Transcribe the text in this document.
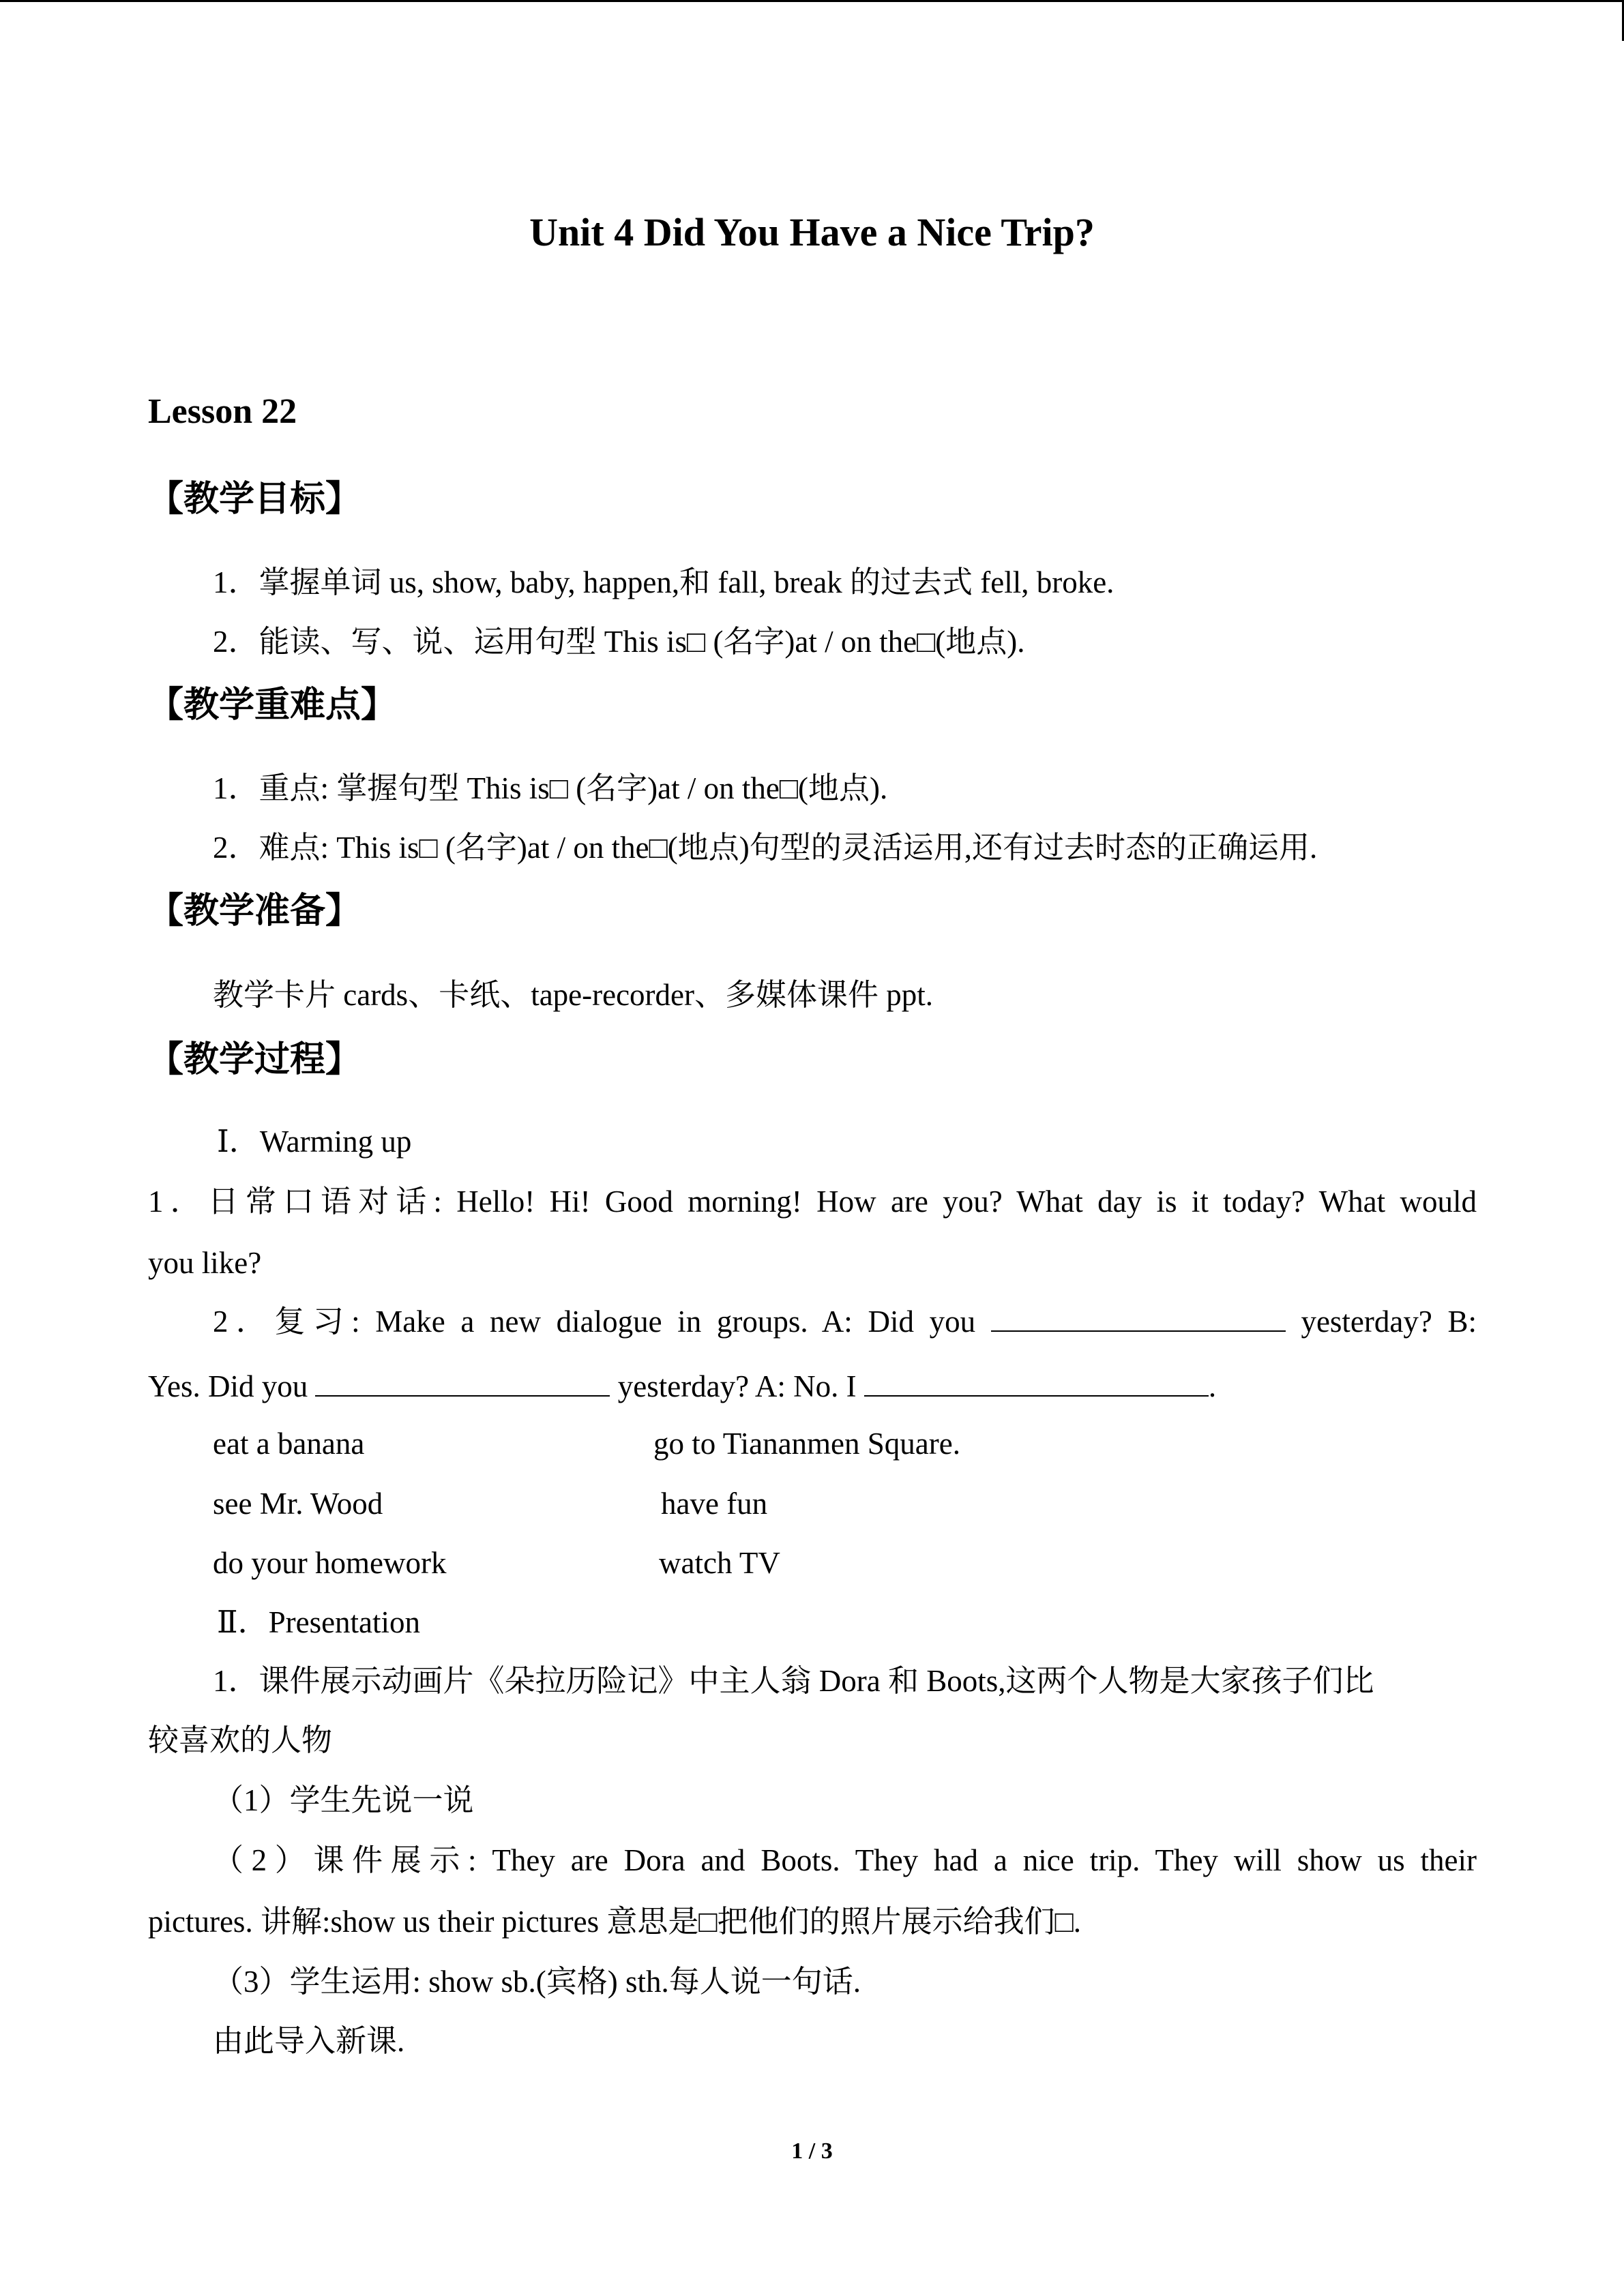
Unit 4 Did You Have a Nice Trip?
Lesson 22
【教学目标】
1．掌握单词 us, show, baby, happen,和 fall, break 的过去式 fell, broke.
2．能读、写、说、运用句型 This is□ (名字)at / on the□(地点).
【教学重难点】
1．重点: 掌握句型 This is□ (名字)at / on the□(地点).
2．难点: This is□ (名字)at / on the□(地点)句型的灵活运用,还有过去时态的正确运用.
【教学准备】
教学卡片 cards、卡纸、tape-recorder、多媒体课件 ppt.
【教学过程】
Ⅰ．Warming up
1．日常口语对话: Hello! Hi! Good morning! How are you? What day is it today? What would
you like?
2．复习: Make a new dialogue in groups. A: Did you	yesterday? B:
Yes. Did you	yesterday? A: No. I	.
eat a banana	go to Tiananmen Square.
see Mr. Wood	have fun
do your homework	watch TV
Ⅱ．Presentation
1．课件展示动画片《朵拉历险记》中主人翁 Dora 和 Boots,这两个人物是大家孩子们比
较喜欢的人物
（1）学生先说一说
（2）课件展示: They are Dora and Boots. They had a nice trip. They will show us their
pictures. 讲解:show us their pictures 意思是□把他们的照片展示给我们□.
（3）学生运用: show sb.(宾格) sth.每人说一句话.
由此导入新课.
1 / 3
